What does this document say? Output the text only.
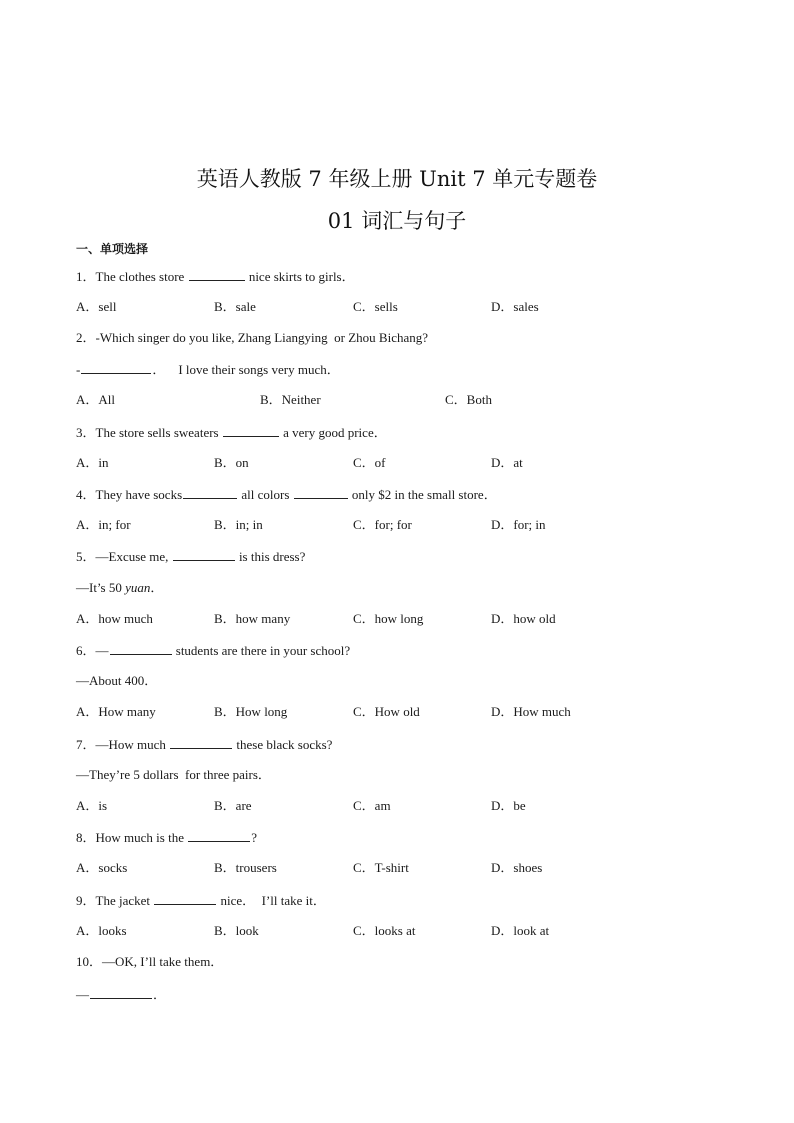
英语人教版 7 年级上册 Unit 7 单元专题卷
01 词汇与句子
一、单项选择
1．The clothes store	nice skirts to girls．
A．sell	B．sale	C．sells	D．sales
2．-Which singer do you like, Zhang Liangying  or Zhou Bichang?
-	．    I love their songs very much．
A．All	B．Neither	C．Both
3．The store sells sweaters	a very good price．
A．in	B．on	C．of	D．at
4．They have socks	all colors	only $2 in the small store．
A．in; for	B．in; in	C．for; for	D．for; in
5．—Excuse me,	is this dress?
—It’s 50 yuan．
A．how much	B．how many	C．how long	D．how old
6．—	students are there in your school?
—About 400．
A．How many	B．How long	C．How old	D．How much
7．—How much	these black socks?
—They’re 5 dollars  for three pairs．
A．is	B．are	C．am	D．be
8．How much is the	?
A．socks	B．trousers	C．T-shirt	D．shoes
9．The jacket	nice．  I’ll take it．
A．looks	B．look	C．looks at	D．look at
10．—OK, I’ll take them．
—	．
